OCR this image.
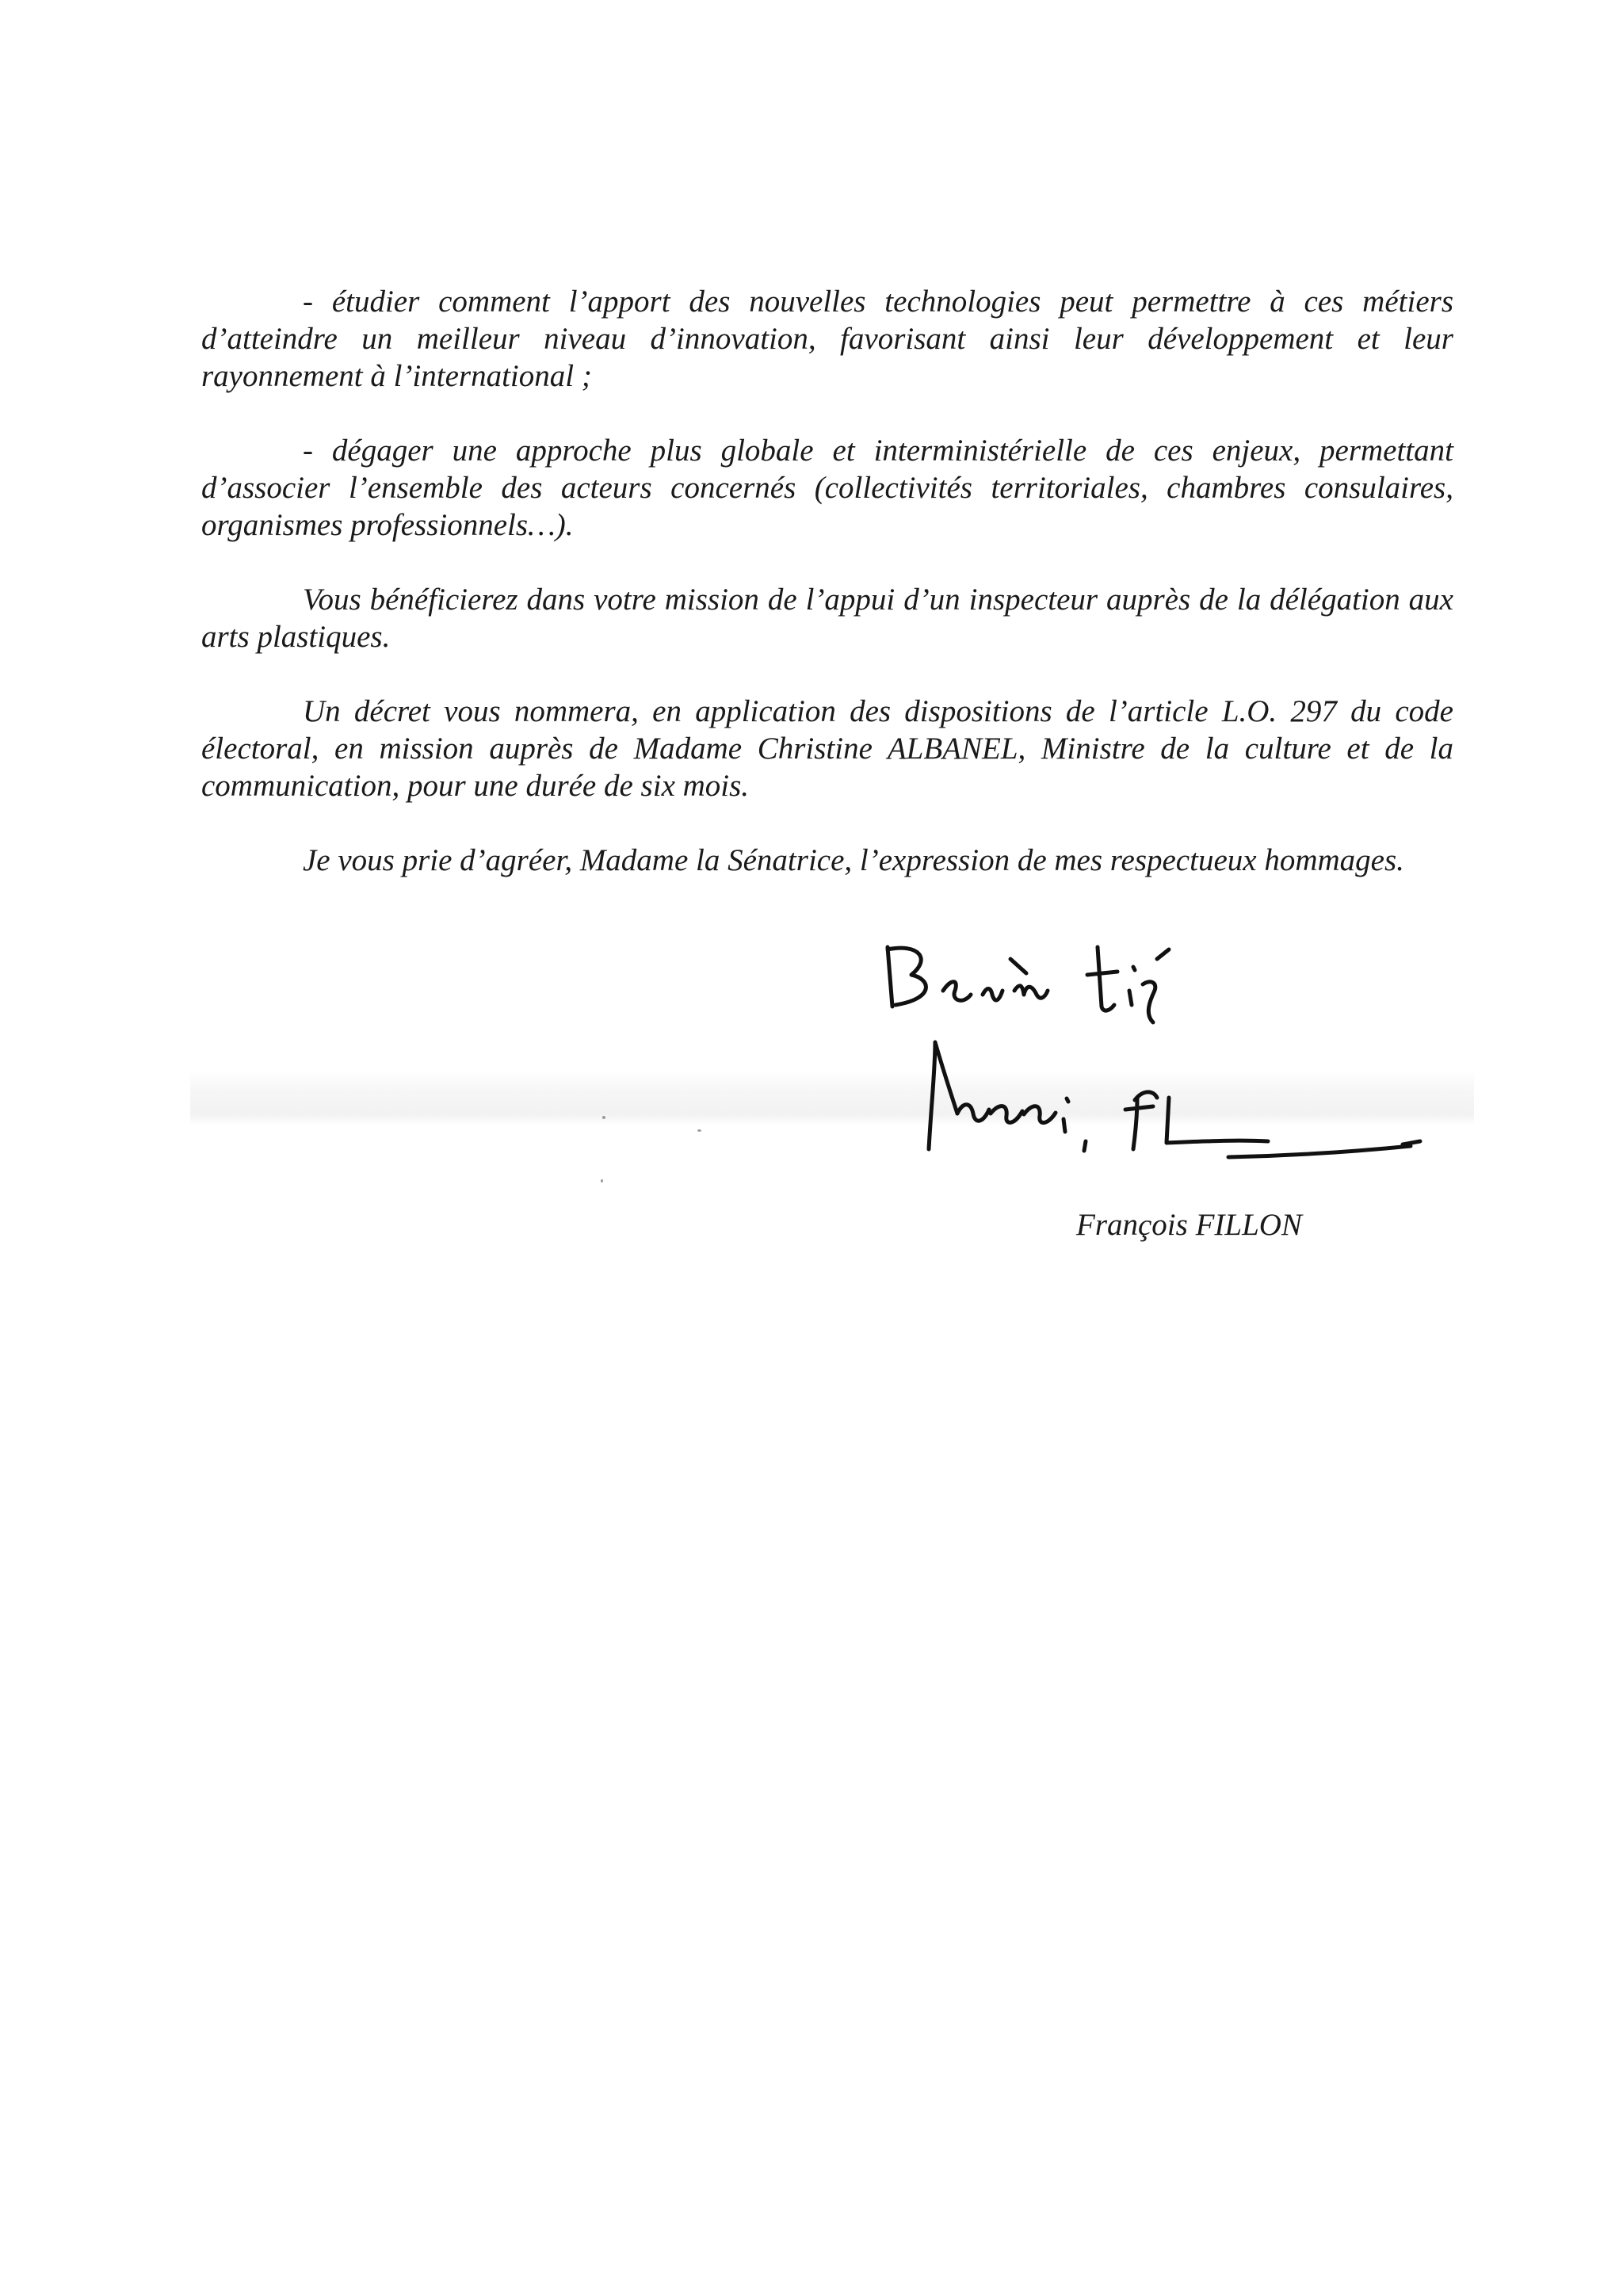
- étudier comment l’apport des nouvelles technologies peut permettre à ces métiers d’atteindre un meilleur niveau d’innovation, favorisant ainsi leur développement et leur rayonnement à l’international ;

- dégager une approche plus globale et interministérielle de ces enjeux, permettant d’associer l’ensemble des acteurs concernés (collectivités territoriales, chambres consulaires, organismes professionnels…).

Vous bénéficierez dans votre mission de l’appui d’un inspecteur auprès de la délégation aux arts plastiques.

Un décret vous nommera, en application des dispositions de l’article L.O. 297 du code électoral, en mission auprès de Madame Christine ALBANEL, Ministre de la culture et de la communication, pour une durée de six mois.

Je vous prie d’agréer, Madame la Sénatrice, l’expression de mes respectueux hommages.

François FILLON
